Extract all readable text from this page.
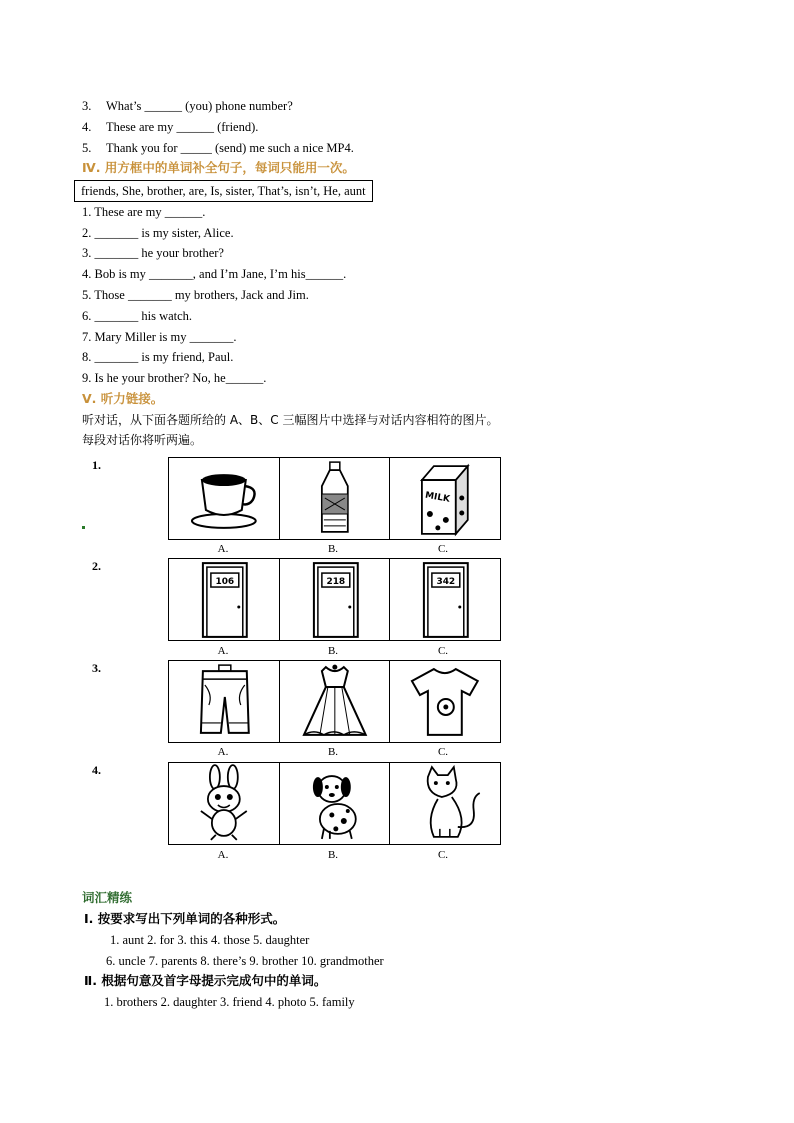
3. What’s ______ (you) phone number?
4. These are my ______ (friend).
5. Thank you for _____ (send) me such a nice MP4.
Ⅳ. 用方框中的单词补全句子，每词只能用一次。
friends, She, brother, are, Is, sister, That’s, isn’t, He, aunt
1. These are my ______.
2. _______ is my sister, Alice.
3. _______ he your brother?
4. Bob is my _______, and I’m Jane, I’m his______.
5. Those _______ my brothers, Jack and Jim.
6. _______ his watch.
7. Mary Miller is my _______.
8. _______ is my friend, Paul.
9. Is he your brother? No, he______.
Ⅴ. 听力链接。
听对话，从下面各题所给的 A、B、C 三幅图片中选择与对话内容相符的图片。
每段对话你将听两遍。
1.
MILK
A.	B.	C.
2.
106	218	342
A.	B.	C.
3.
A.	B.	C.
4.
A.	B.	C.
词汇精练
Ⅰ. 按要求写出下列单词的各种形式。
1. aunt 2. for 3. this 4. those 5. daughter
6. uncle 7. parents 8. there’s 9. brother 10. grandmother
Ⅱ. 根据句意及首字母提示完成句中的单词。
1. brothers 2. daughter 3. friend 4. photo 5. family
